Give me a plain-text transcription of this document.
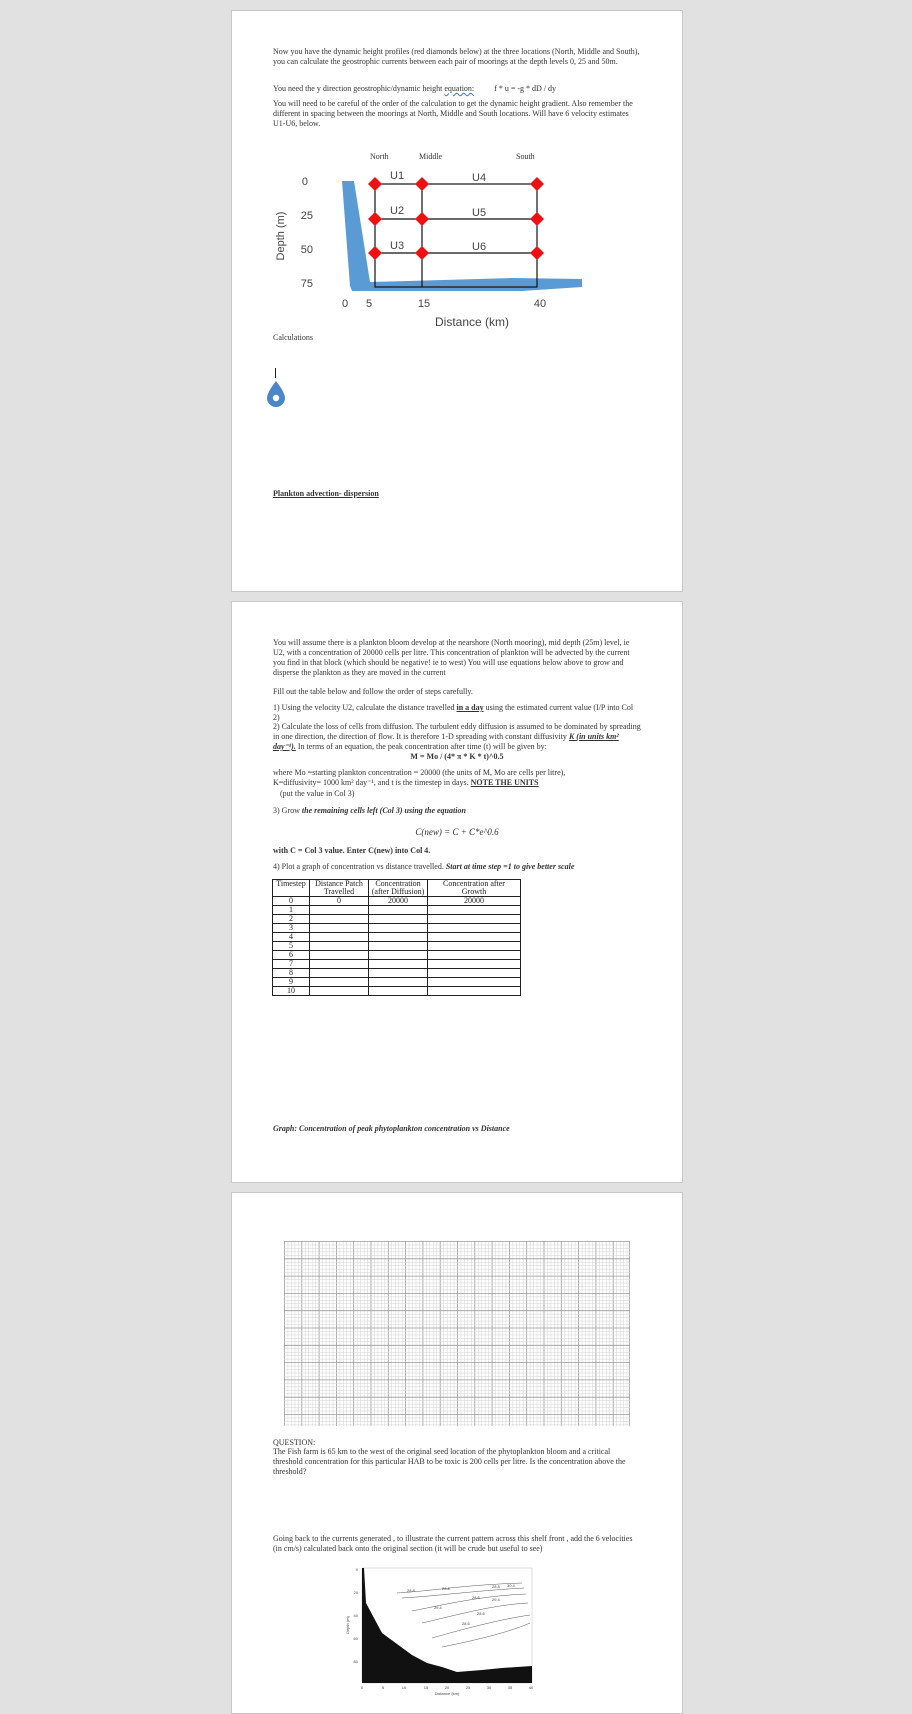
Now you have the dynamic height profiles (red diamonds below) at the three locations (North, Middle and South), you can calculate the geostrophic currents between each pair of moorings at the depth levels 0, 25 and 50m.
You need the y direction geostrophic/dynamic height equation:	f * u = -g * dD / dy
You will need to be careful of the order of the calculation to get the dynamic height gradient. Also remember the different in spacing between the moorings at North, Middle and South locations. Will have 6 velocity estimates U1-U6, below.
North	Middle	South
U1	U4
U2	U5
U3	U6
0
25
50
75
Depth (m)
0 5	15	40
Distance (km)
Calculations
Plankton advection- dispersion
You will assume there is a plankton bloom develop at the nearshore (North mooring), mid depth (25m) level, ie U2, with a concentration of 20000 cells per litre. This concentration of plankton will be advected by the current you find in that block (which should be negative! ie to west) You will use equations below above to grow and disperse the plankton as they are moved in the current
Fill out the table below and follow the order of steps carefully.
1) Using the velocity U2, calculate the distance travelled in a day using the estimated current value (I/P into Col 2)
2) Calculate the loss of cells from diffusion. The turbulent eddy diffusion is assumed to be dominated by spreading in one direction, the direction of flow. It is therefore 1-D spreading with constant diffusivity K (in units km² day⁻¹). In terms of an equation, the peak concentration after time (t) will be given by:
M = Mo / (4* π * K * t)^0.5
where Mo =starting plankton concentration = 20000 (the units of M, Mo are cells per litre),
K=diffusivity= 1000 km² day⁻¹, and t is the timestep in days. NOTE THE UNITS
(put the value in Col 3)
3) Grow the remaining cells left (Col 3) using the equation
C(new) = C + C*e^0.6
with C = Col 3 value. Enter C(new) into Col 4.
4) Plot a graph of concentration vs distance travelled. Start at time step =1 to give better scale
Timestep	Distance Patch Travelled	Concentration (after Diffusion)	Concentration after Growth
0	0	20000	20000
1			
2			
3			
4			
5			
6			
7			
8			
9			
10			
Graph: Concentration of peak phytoplankton concentration vs Distance
QUESTION:
The Fish farm is 65 km to the west of the original seed location of the phytoplankton bloom and a critical threshold concentration for this particular HAB to be toxic is 200 cells per litre. Is the concentration above the threshold?
Going back to the currents generated , to illustrate the current pattern across this shelf front , add the 6 velocities (in cm/s) calculated back onto the original section (it will be crude but useful to see)
28.8	28.8	28.8
29.4
28.6	29.4
28.6
28.6
30.4
0
20
40
60
80
Depth (m)
0	5	10	15	20	25	30	35	40
Distance (km)
